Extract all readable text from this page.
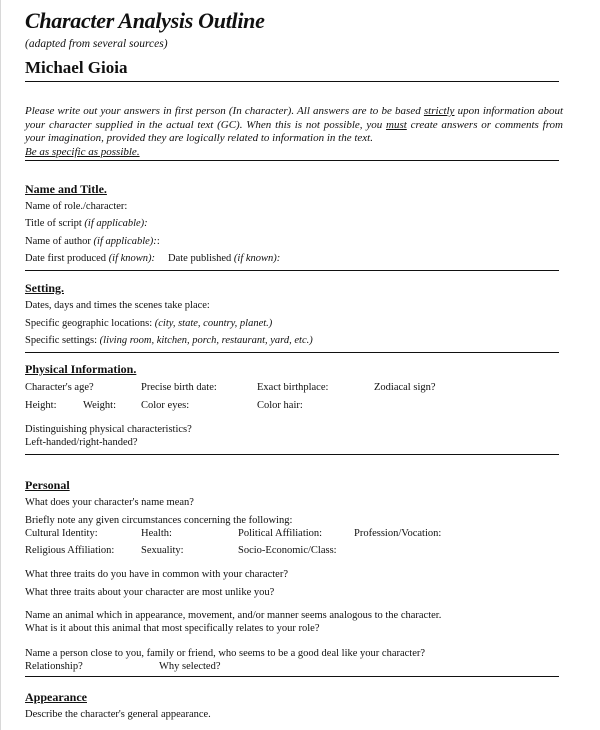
Character Analysis Outline
(adapted from several sources)
Michael Gioia
Please write out your answers in first person (In character). All answers are to be based strictly upon information about your character supplied in the actual text (GC). When this is not possible, you must create answers or comments from your imagination, provided they are logically related to information in the text.
Be as specific as possible.
Name and Title.
Name of role./character:
Title of script (if applicable):
Name of author (if applicable)::
Date first produced (if known): Date published (if known):
Setting.
Dates, days and times the scenes take place:
Specific geographic locations: (city, state, country, planet.)
Specific settings: (living room, kitchen, porch, restaurant, yard, etc.)
Physical Information.
Character's age?	Precise birth date:	Exact birthplace:	Zodiacal sign?
Height:	Weight: Color eyes:	Color hair:
Distinguishing physical characteristics?
Left-handed/right-handed?
Personal
What does your character's name mean?
Briefly note any given circumstances concerning the following:
Cultural Identity:	Health:	Political Affiliation:	Profession/Vocation:
Religious Affiliation:	Sexuality:	Socio-Economic/Class:
What three traits do you have in common with your character?
What three traits about your character are most unlike you?
Name an animal which in appearance, movement, and/or manner seems analogous to the character.
What is it about this animal that most specifically relates to your role?
Name a person close to you, family or friend, who seems to be a good deal like your character?
Relationship?	Why selected?
Appearance
Describe the character's general appearance.
